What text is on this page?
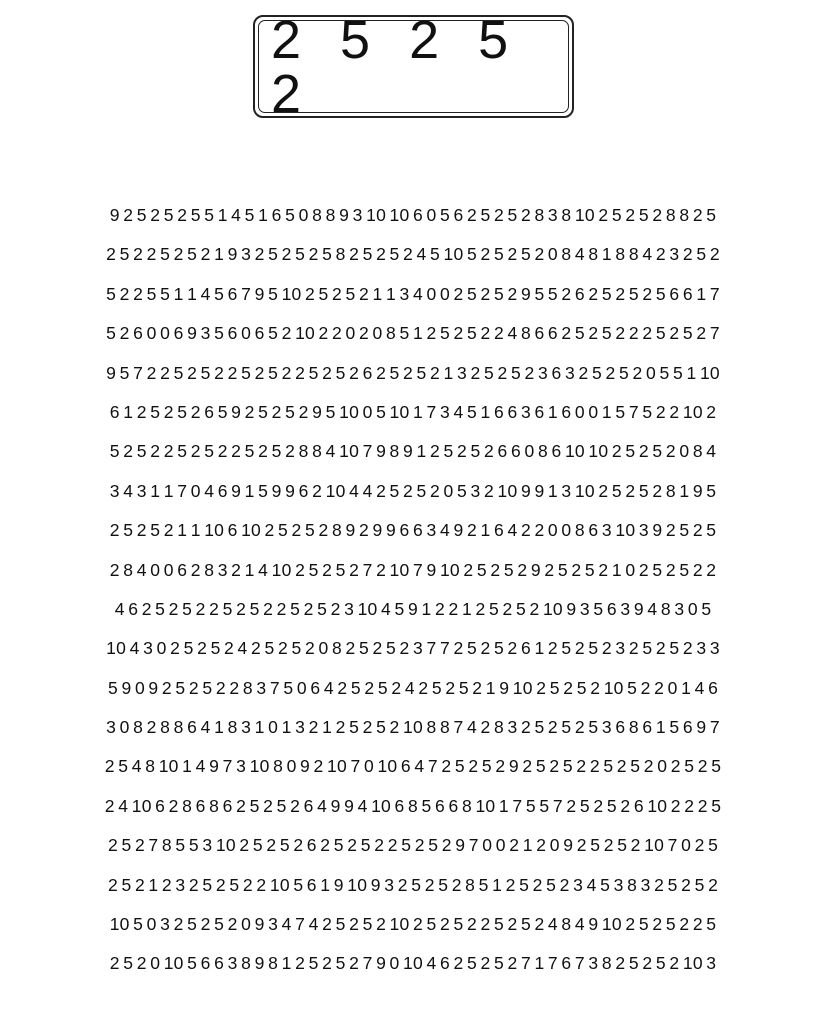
2 5 2 5 2
9 2 5 2 5 2 5 5 1 4 5 1 6 5 0 8 8 9 3 10 10 6 0 5 6 2 5 2 5 2 8 3 8 10 2 5 2 5 2 8 8 2 5
2 5 2 2 5 2 5 2 1 9 3 2 5 2 5 2 5 8 2 5 2 5 2 4 5 10 5 2 5 2 5 2 0 8 4 8 1 8 8 4 2 3 2 5 2
5 2 2 5 5 1 1 4 5 6 7 9 5 10 2 5 2 5 2 1 1 3 4 0 0 2 5 2 5 2 9 5 5 2 6 2 5 2 5 2 5 6 6 1 7
5 2 6 0 0 6 9 3 5 6 0 6 5 2 10 2 2 0 2 0 8 5 1 2 5 2 5 2 2 4 8 6 6 2 5 2 5 2 2 2 5 2 5 2 7
9 5 7 2 2 5 2 5 2 2 5 2 5 2 2 5 2 5 2 6 2 5 2 5 2 1 3 2 5 2 5 2 3 6 3 2 5 2 5 2 0 5 5 1 10
6 1 2 5 2 5 2 6 5 9 2 5 2 5 2 9 5 10 0 5 10 1 7 3 4 5 1 6 6 3 6 1 6 0 0 1 5 7 5 2 2 10 2
5 2 5 2 2 5 2 5 2 2 5 2 5 2 8 8 4 10 7 9 8 9 1 2 5 2 5 2 6 6 0 8 6 10 10 2 5 2 5 2 0 8 4
3 4 3 1 1 7 0 4 6 9 1 5 9 9 6 2 10 4 4 2 5 2 5 2 0 5 3 2 10 9 9 1 3 10 2 5 2 5 2 8 1 9 5
2 5 2 5 2 1 1 10 6 10 2 5 2 5 2 8 9 2 9 9 6 6 3 4 9 2 1 6 4 2 2 0 0 8 6 3 10 3 9 2 5 2 5
2 8 4 0 0 6 2 8 3 2 1 4 10 2 5 2 5 2 7 2 10 7 9 10 2 5 2 5 2 9 2 5 2 5 2 1 0 2 5 2 5 2 2
4 6 2 5 2 5 2 2 5 2 5 2 2 5 2 5 2 3 10 4 5 9 1 2 2 1 2 5 2 5 2 10 9 3 5 6 3 9 4 8 3 0 5
10 4 3 0 2 5 2 5 2 4 2 5 2 5 2 0 8 2 5 2 5 2 3 7 7 2 5 2 5 2 6 1 2 5 2 5 2 3 2 5 2 5 2 3 3
5 9 0 9 2 5 2 5 2 2 8 3 7 5 0 6 4 2 5 2 5 2 4 2 5 2 5 2 1 9 10 2 5 2 5 2 10 5 2 2 0 1 4 6
3 0 8 2 8 8 6 4 1 8 3 1 0 1 3 2 1 2 5 2 5 2 10 8 8 7 4 2 8 3 2 5 2 5 2 5 3 6 8 6 1 5 6 9 7
2 5 4 8 10 1 4 9 7 3 10 8 0 9 2 10 7 0 10 6 4 7 2 5 2 5 2 9 2 5 2 5 2 2 5 2 5 2 0 2 5 2 5
2 4 10 6 2 8 6 8 6 2 5 2 5 2 6 4 9 9 4 10 6 8 5 6 6 8 10 1 7 5 5 7 2 5 2 5 2 6 10 2 2 2 5
2 5 2 7 8 5 5 3 10 2 5 2 5 2 6 2 5 2 5 2 2 5 2 5 2 9 7 0 0 2 1 2 0 9 2 5 2 5 2 10 7 0 2 5
2 5 2 1 2 3 2 5 2 5 2 2 10 5 6 1 9 10 9 3 2 5 2 5 2 8 5 1 2 5 2 5 2 3 4 5 3 8 3 2 5 2 5 2
10 5 0 3 2 5 2 5 2 0 9 3 4 7 4 2 5 2 5 2 10 2 5 2 5 2 2 5 2 5 2 4 8 4 9 10 2 5 2 5 2 2 5
2 5 2 0 10 5 6 6 3 8 9 8 1 2 5 2 5 2 7 9 0 10 4 6 2 5 2 5 2 7 1 7 6 7 3 8 2 5 2 5 2 10 3
